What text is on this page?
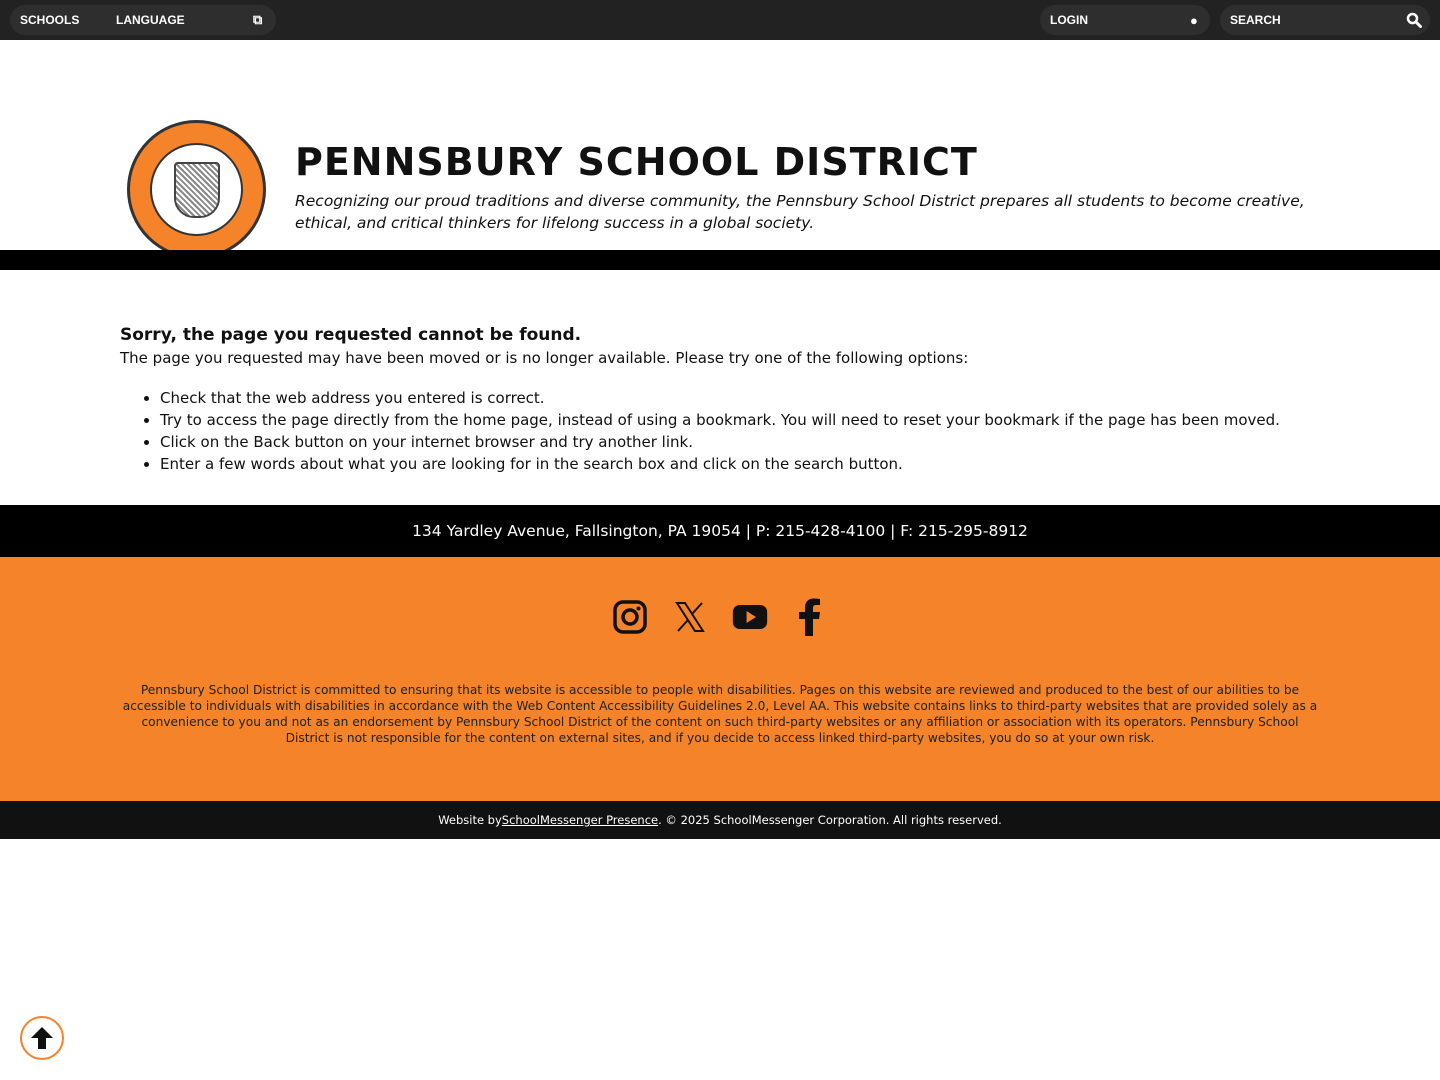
SCHOOLS	LANGUAGE	⧉	LOGIN	●	SEARCH
PENNSBURY SCHOOL DISTRICT
Recognizing our proud traditions and diverse community, the Pennsbury School District prepares all students to become creative, ethical, and critical thinkers for lifelong success in a global society.
Sorry, the page you requested cannot be found.

The page you requested may have been moved or is no longer available. Please try one of the following options:

• Check that the web address you entered is correct.
• Try to access the page directly from the home page, instead of using a bookmark. You will need to reset your bookmark if the page has been moved.
• Click on the Back button on your internet browser and try another link.
• Enter a few words about what you are looking for in the search box and click on the search button.
134 Yardley Avenue, Fallsington, PA 19054 | P: 215-428-4100 | F: 215-295-8912
Pennsbury School District is committed to ensuring that its website is accessible to people with disabilities. Pages on this website are reviewed and produced to the best of our abilities to be accessible to individuals with disabilities in accordance with the Web Content Accessibility Guidelines 2.0, Level AA. This website contains links to third-party websites that are provided solely as a convenience to you and not as an endorsement by Pennsbury School District of the content on such third-party websites or any affiliation or association with its operators. Pennsbury School District is not responsible for the content on external sites, and if you decide to access linked third-party websites, you do so at your own risk.
Website by SchoolMessenger Presence . © 2025 SchoolMessenger Corporation. All rights reserved.
